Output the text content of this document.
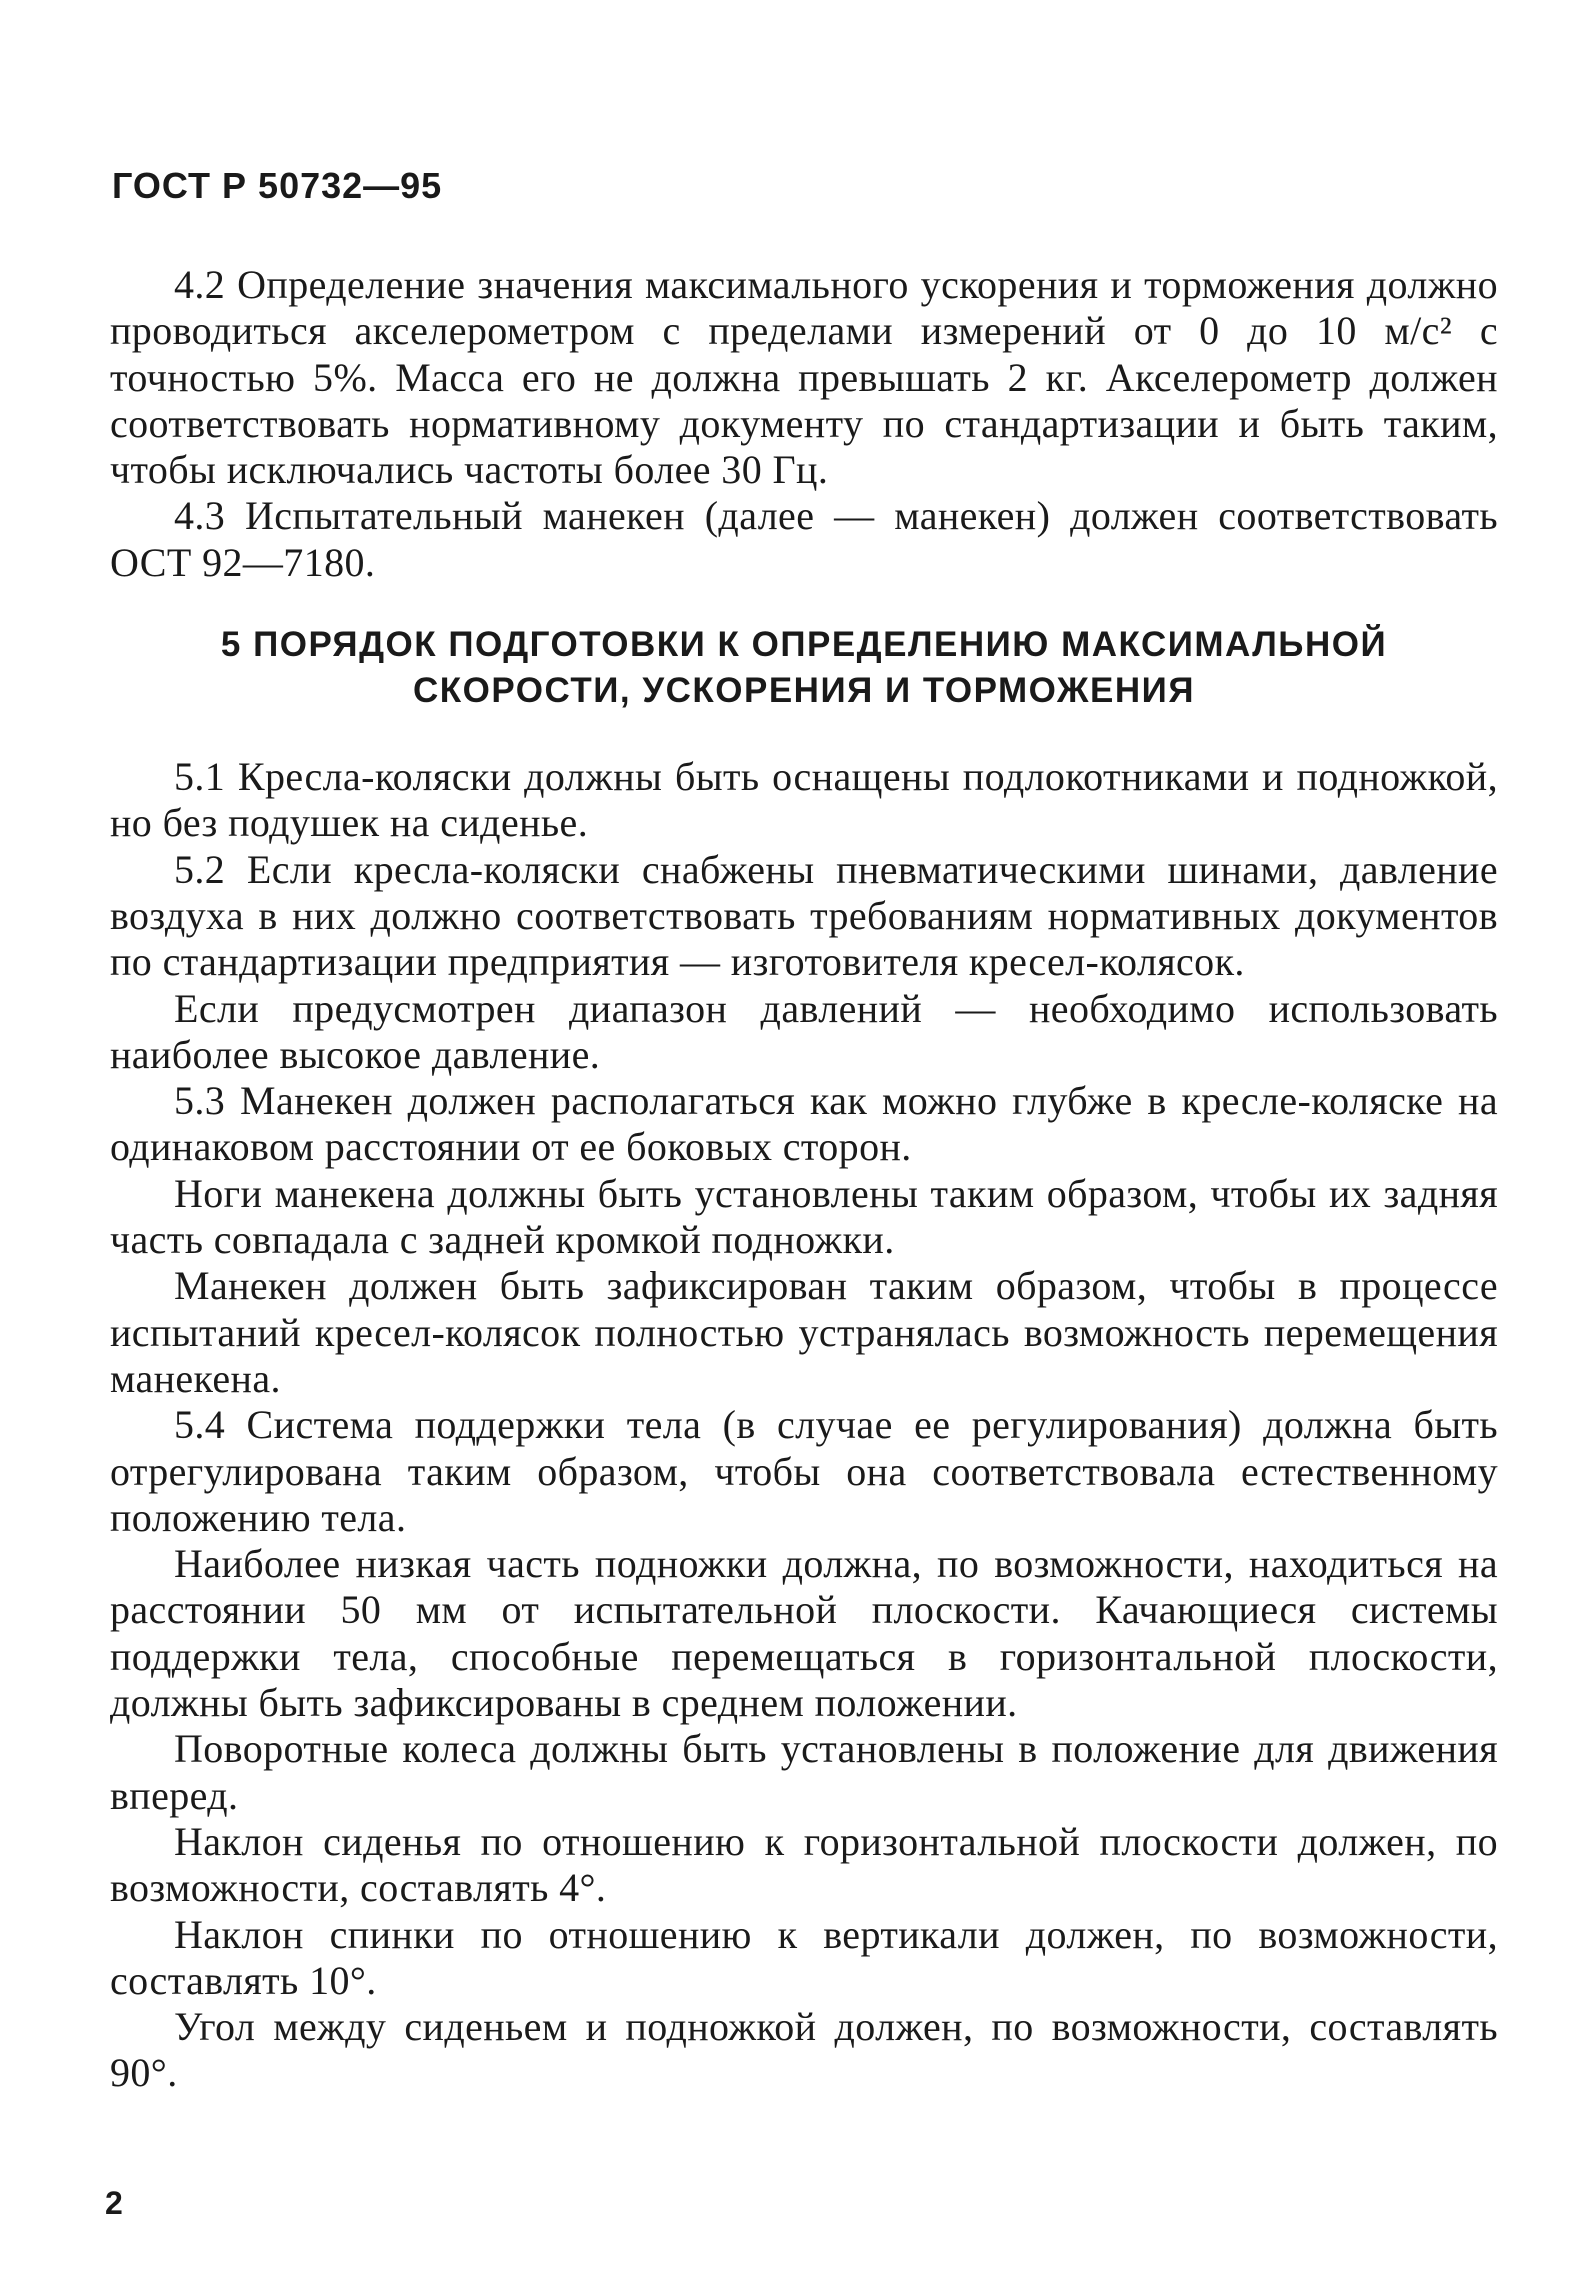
ГОСТ Р 50732—95

4.2 Определение значения максимального ускорения и торможения должно проводиться акселерометром с пределами измерений от 0 до 10 м/с² с точностью 5%. Масса его не должна превышать 2 кг. Акселерометр должен соответствовать нормативному документу по стандартизации и быть таким, чтобы исключались частоты более 30 Гц.

4.3 Испытательный манекен (далее — манекен) должен соответствовать ОСТ 92—7180.

5 ПОРЯДОК ПОДГОТОВКИ К ОПРЕДЕЛЕНИЮ МАКСИМАЛЬНОЙ СКОРОСТИ, УСКОРЕНИЯ И ТОРМОЖЕНИЯ

5.1 Кресла-коляски должны быть оснащены подлокотниками и подножкой, но без подушек на сиденье.

5.2 Если кресла-коляски снабжены пневматическими шинами, давление воздуха в них должно соответствовать требованиям нормативных документов по стандартизации предприятия — изготовителя кресел-колясок.

Если предусмотрен диапазон давлений — необходимо использовать наиболее высокое давление.

5.3 Манекен должен располагаться как можно глубже в кресле-коляске на одинаковом расстоянии от ее боковых сторон.

Ноги манекена должны быть установлены таким образом, чтобы их задняя часть совпадала с задней кромкой подножки.

Манекен должен быть зафиксирован таким образом, чтобы в процессе испытаний кресел-колясок полностью устранялась возможность перемещения манекена.

5.4 Система поддержки тела (в случае ее регулирования) должна быть отрегулирована таким образом, чтобы она соответствовала естественному положению тела.

Наиболее низкая часть подножки должна, по возможности, находиться на расстоянии 50 мм от испытательной плоскости. Качающиеся системы поддержки тела, способные перемещаться в горизонтальной плоскости, должны быть зафиксированы в среднем положении.

Поворотные колеса должны быть установлены в положение для движения вперед.

Наклон сиденья по отношению к горизонтальной плоскости должен, по возможности, составлять 4°.

Наклон спинки по отношению к вертикали должен, по возможности, составлять 10°.

Угол между сиденьем и подножкой должен, по возможности, составлять 90°.

2
